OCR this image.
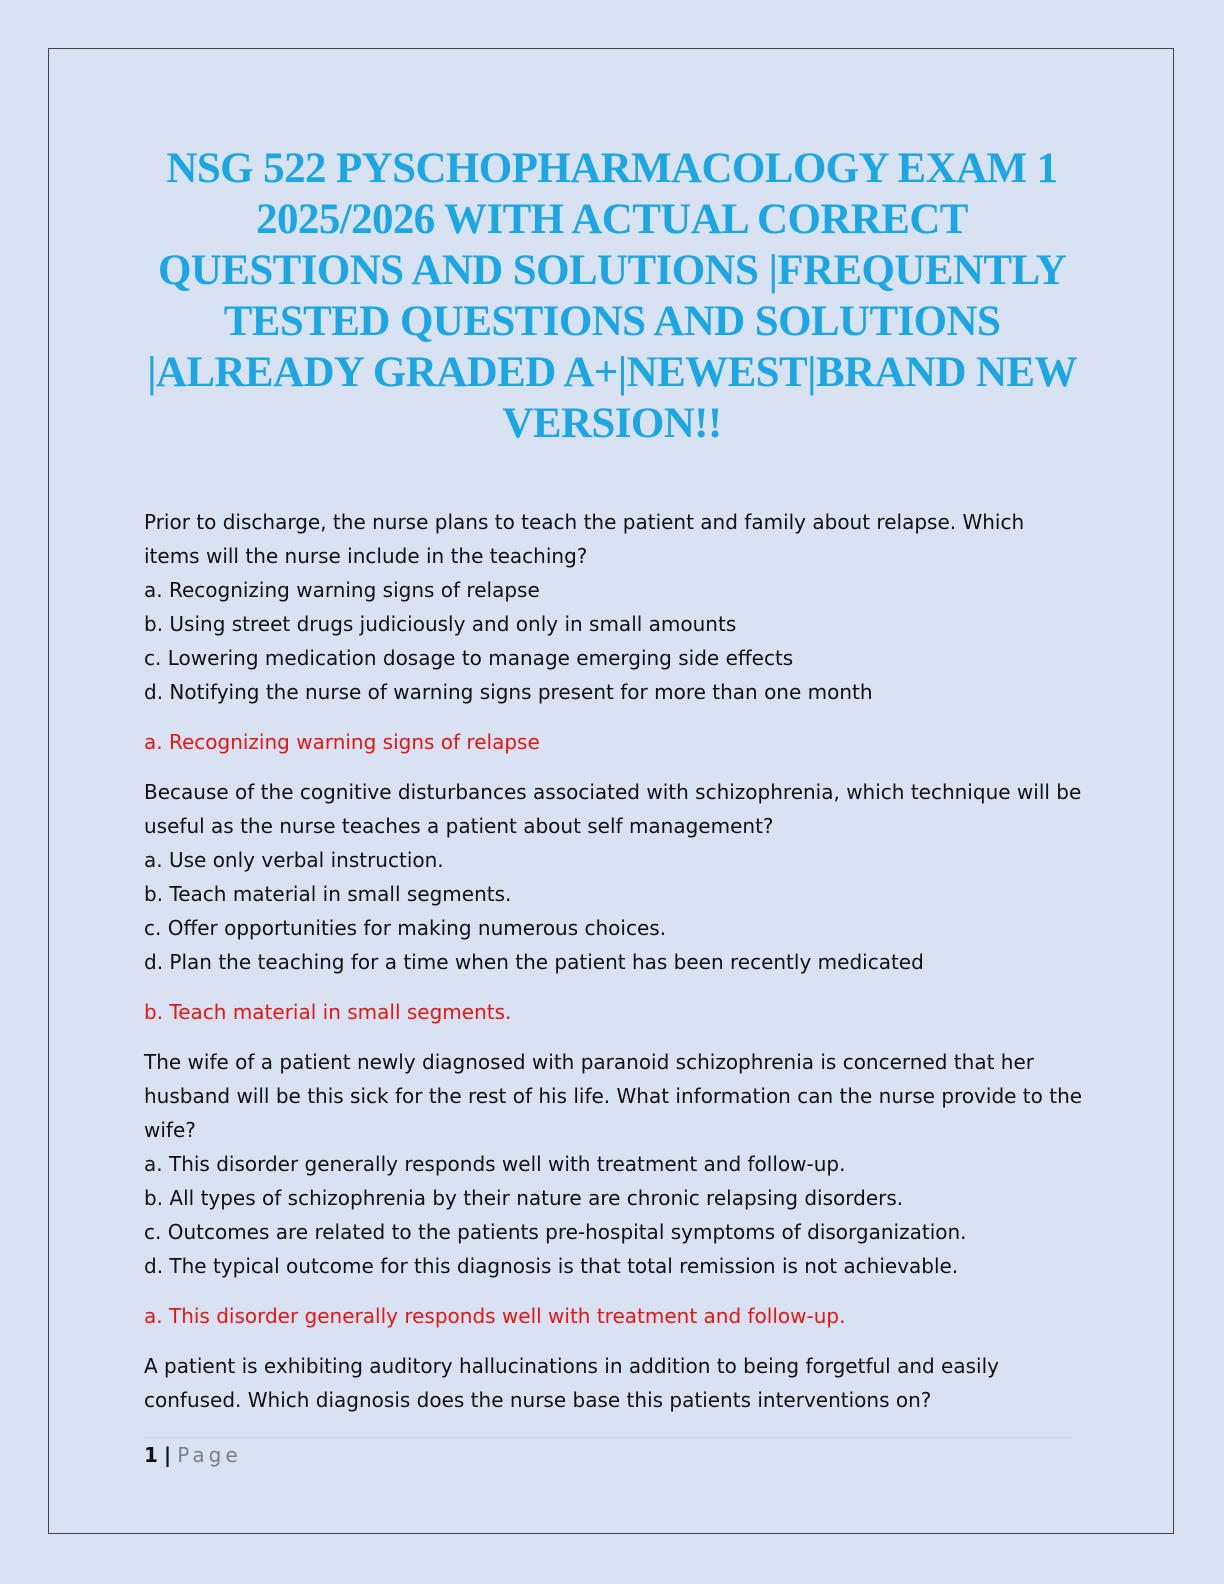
NSG 522 PYSCHOPHARMACOLOGY EXAM 1 2025/2026 WITH ACTUAL CORRECT QUESTIONS AND SOLUTIONS |FREQUENTLY TESTED QUESTIONS AND SOLUTIONS |ALREADY GRADED A+|NEWEST|BRAND NEW VERSION!!

Prior to discharge, the nurse plans to teach the patient and family about relapse. Which items will the nurse include in the teaching?

a. Recognizing warning signs of relapse

b. Using street drugs judiciously and only in small amounts

c. Lowering medication dosage to manage emerging side effects

d. Notifying the nurse of warning signs present for more than one month

a. Recognizing warning signs of relapse

Because of the cognitive disturbances associated with schizophrenia, which technique will be useful as the nurse teaches a patient about self management?

a. Use only verbal instruction.

b. Teach material in small segments.

c. Offer opportunities for making numerous choices.

d. Plan the teaching for a time when the patient has been recently medicated

b. Teach material in small segments.

The wife of a patient newly diagnosed with paranoid schizophrenia is concerned that her husband will be this sick for the rest of his life. What information can the nurse provide to the wife?

a. This disorder generally responds well with treatment and follow-up.

b. All types of schizophrenia by their nature are chronic relapsing disorders.

c. Outcomes are related to the patients pre-hospital symptoms of disorganization.

d. The typical outcome for this diagnosis is that total remission is not achievable.

a. This disorder generally responds well with treatment and follow-up.

A patient is exhibiting auditory hallucinations in addition to being forgetful and easily confused. Which diagnosis does the nurse base this patients interventions on?

1 | Page
